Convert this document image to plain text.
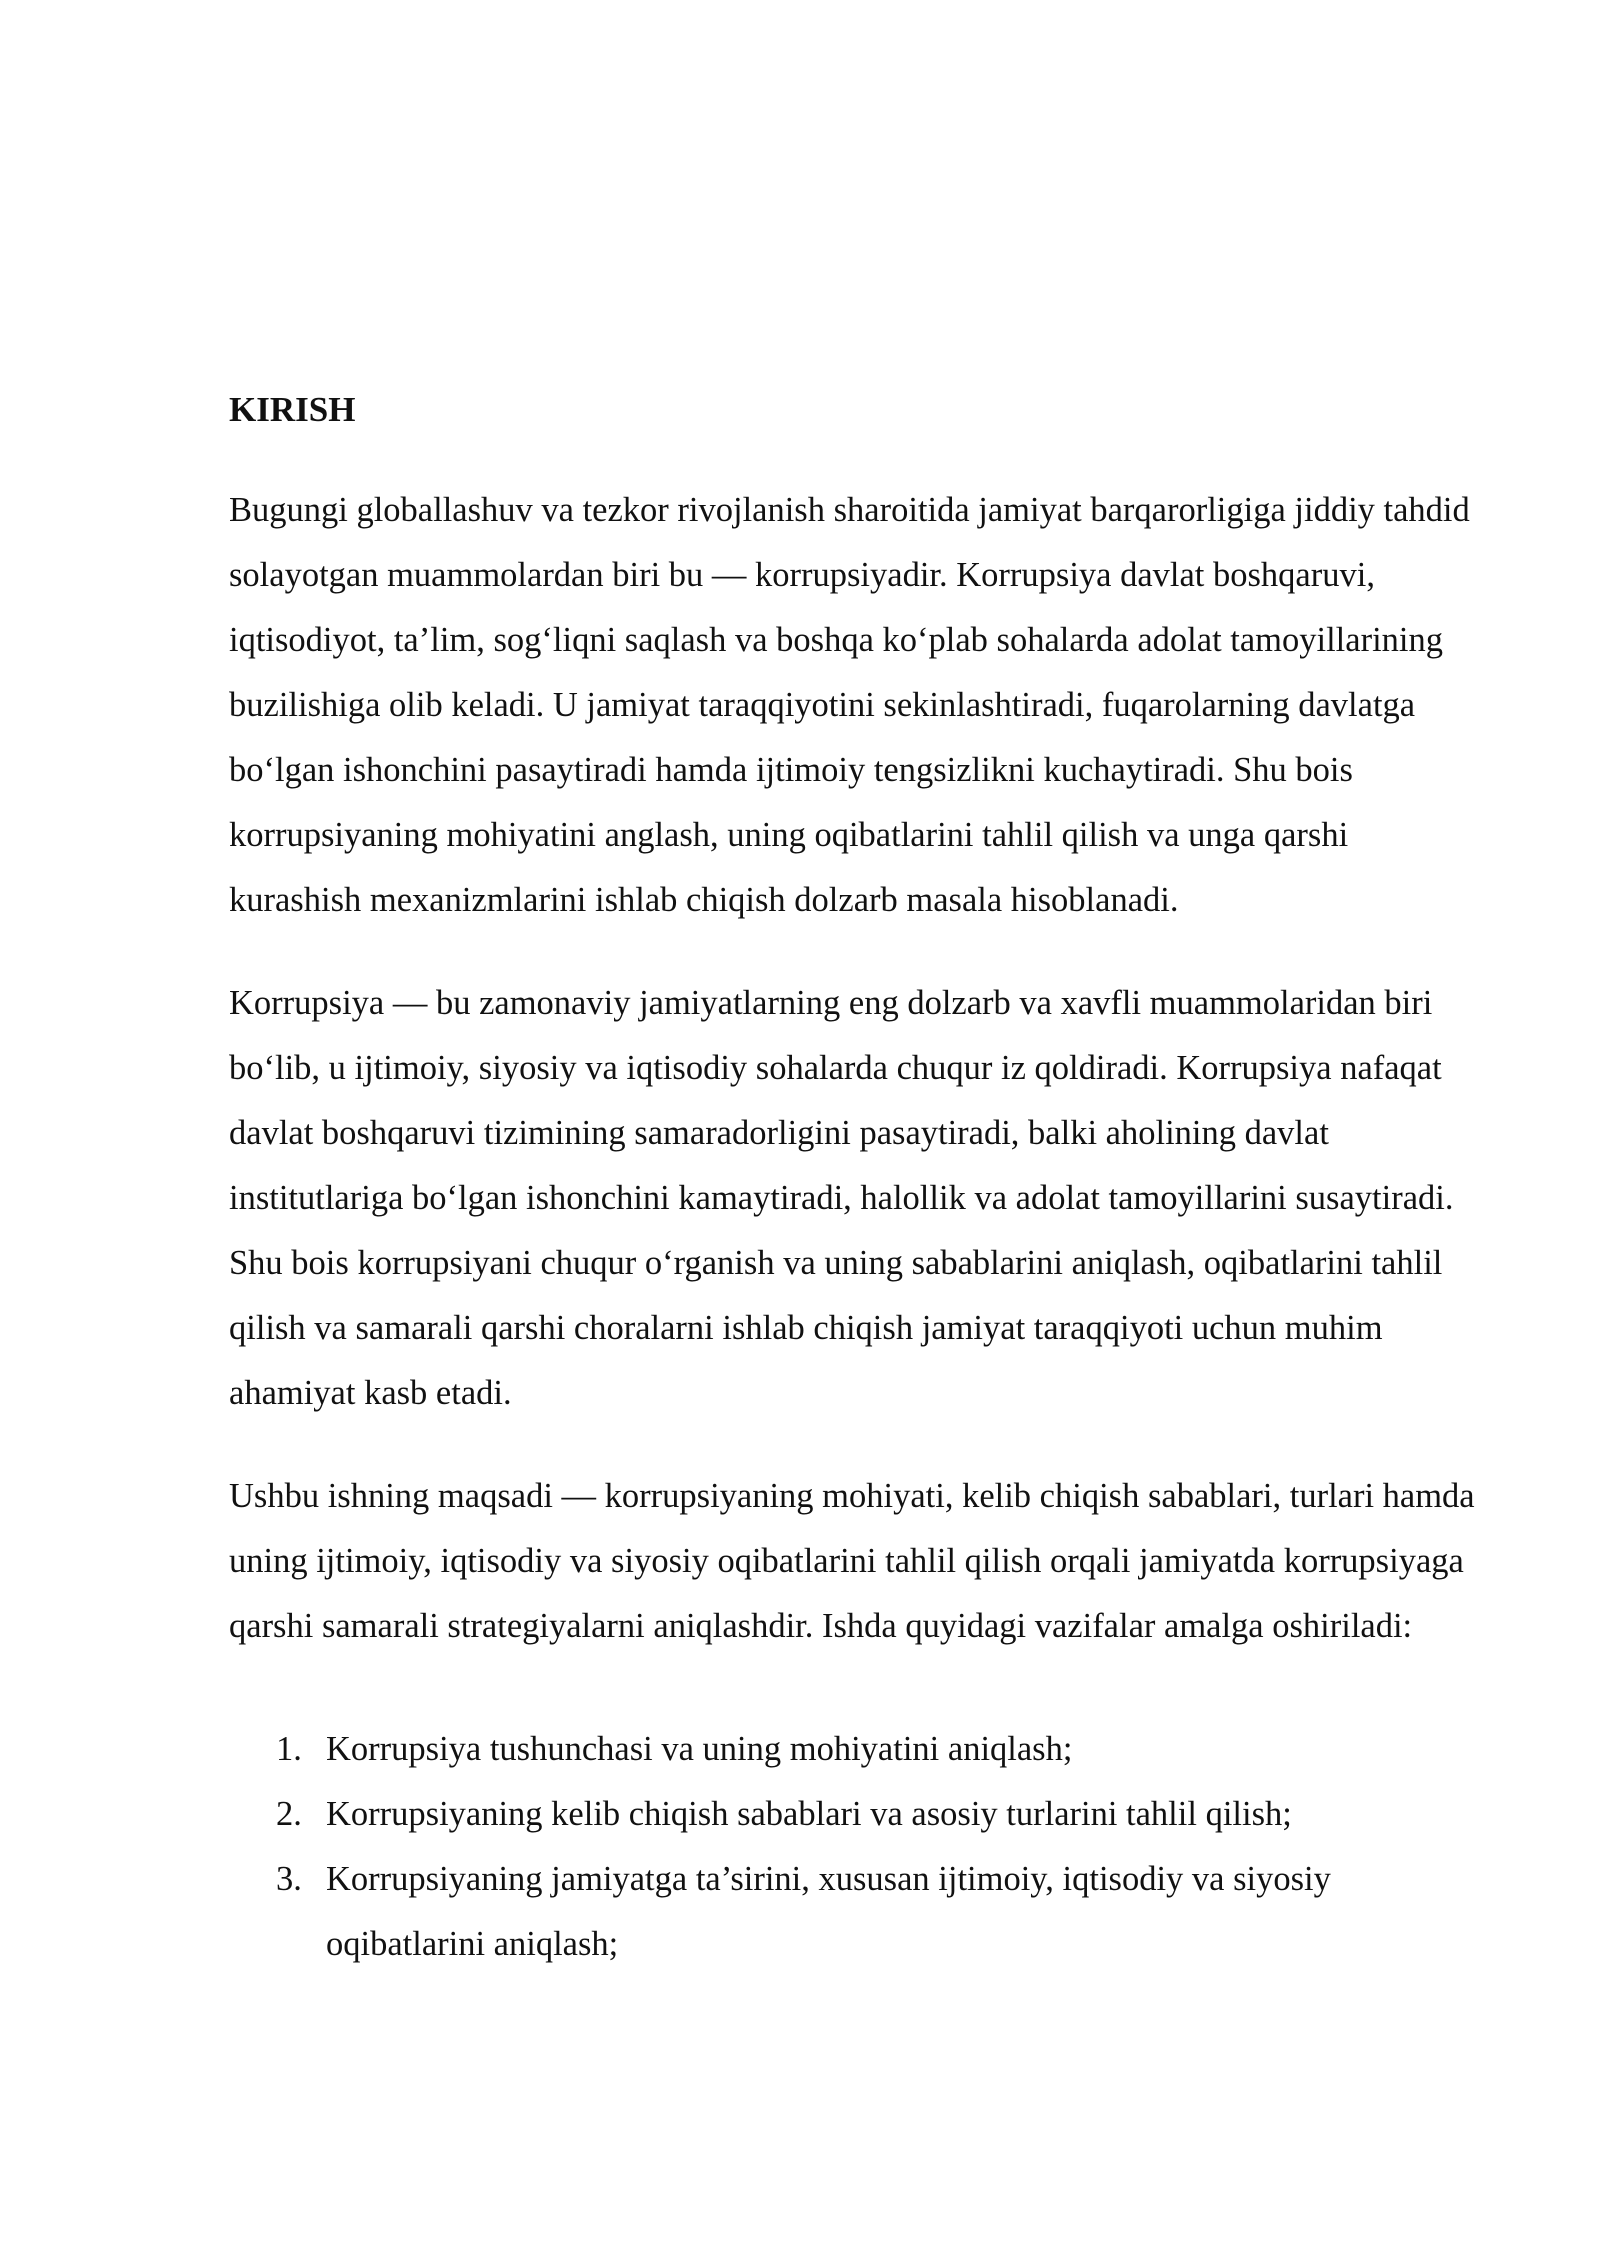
KIRISH

Bugungi globallashuv va tezkor rivojlanish sharoitida jamiyat barqarorligiga jiddiy tahdid solayotgan muammolardan biri bu — korrupsiyadir. Korrupsiya davlat boshqaruvi, iqtisodiyot, ta’lim, sog‘liqni saqlash va boshqa ko‘plab sohalarda adolat tamoyillarining buzilishiga olib keladi. U jamiyat taraqqiyotini sekinlashtiradi, fuqarolarning davlatga bo‘lgan ishonchini pasaytiradi hamda ijtimoiy tengsizlikni kuchaytiradi. Shu bois korrupsiyaning mohiyatini anglash, uning oqibatlarini tahlil qilish va unga qarshi kurashish mexanizmlarini ishlab chiqish dolzarb masala hisoblanadi.

Korrupsiya — bu zamonaviy jamiyatlarning eng dolzarb va xavfli muammolaridan biri bo‘lib, u ijtimoiy, siyosiy va iqtisodiy sohalarda chuqur iz qoldiradi. Korrupsiya nafaqat davlat boshqaruvi tizimining samaradorligini pasaytiradi, balki aholining davlat institutlariga bo‘lgan ishonchini kamaytiradi, halollik va adolat tamoyillarini susaytiradi. Shu bois korrupsiyani chuqur o‘rganish va uning sabablarini aniqlash, oqibatlarini tahlil qilish va samarali qarshi choralarni ishlab chiqish jamiyat taraqqiyoti uchun muhim ahamiyat kasb etadi.

Ushbu ishning maqsadi — korrupsiyaning mohiyati, kelib chiqish sabablari, turlari hamda uning ijtimoiy, iqtisodiy va siyosiy oqibatlarini tahlil qilish orqali jamiyatda korrupsiyaga qarshi samarali strategiyalarni aniqlashdir. Ishda quyidagi vazifalar amalga oshiriladi:

1. Korrupsiya tushunchasi va uning mohiyatini aniqlash;
2. Korrupsiyaning kelib chiqish sabablari va asosiy turlarini tahlil qilish;
3. Korrupsiyaning jamiyatga ta’sirini, xususan ijtimoiy, iqtisodiy va siyosiy oqibatlarini aniqlash;
